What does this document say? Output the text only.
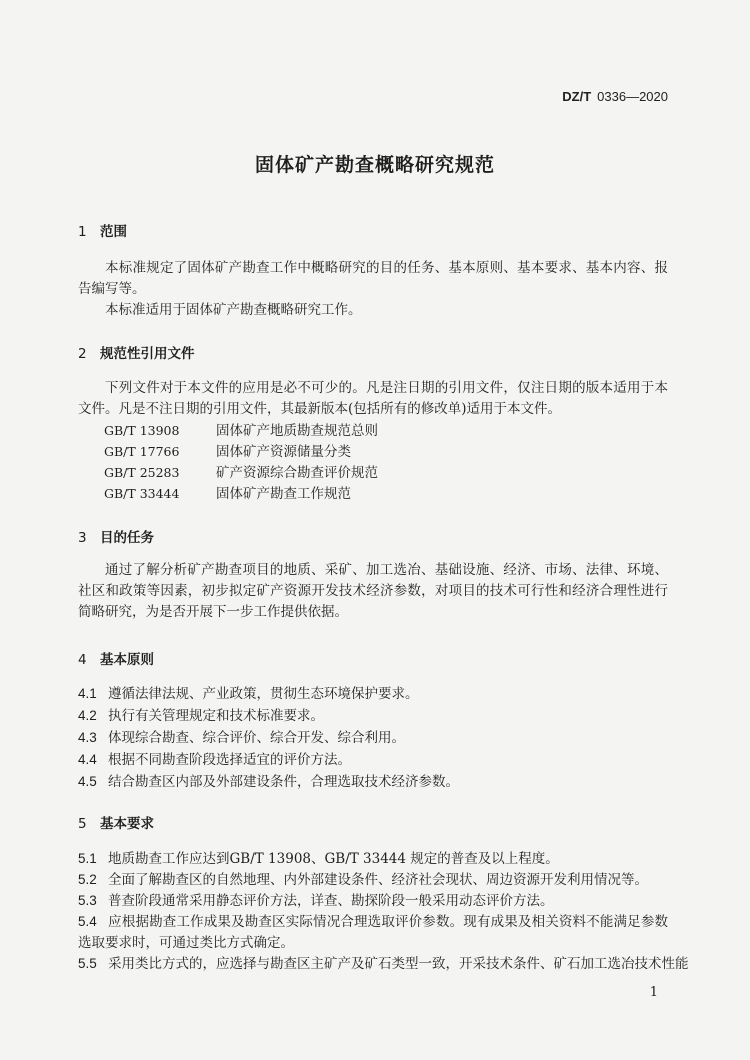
DZ/T 0336—2020
固体矿产勘查概略研究规范
1 范围
本标准规定了固体矿产勘查工作中概略研究的目的任务、基本原则、基本要求、基本内容、报告编写等。
本标准适用于固体矿产勘查概略研究工作。
2 规范性引用文件
下列文件对于本文件的应用是必不可少的。凡是注日期的引用文件，仅注日期的版本适用于本文件。凡是不注日期的引用文件，其最新版本(包括所有的修改单)适用于本文件。
GB/T 13908	固体矿产地质勘查规范总则
GB/T 17766	固体矿产资源储量分类
GB/T 25283	矿产资源综合勘查评价规范
GB/T 33444	固体矿产勘查工作规范
3 目的任务
通过了解分析矿产勘查项目的地质、采矿、加工选冶、基础设施、经济、市场、法律、环境、社区和政策等因素，初步拟定矿产资源开发技术经济参数，对项目的技术可行性和经济合理性进行简略研究，为是否开展下一步工作提供依据。
4 基本原则
4.1 遵循法律法规、产业政策，贯彻生态环境保护要求。
4.2 执行有关管理规定和技术标准要求。
4.3 体现综合勘查、综合评价、综合开发、综合利用。
4.4 根据不同勘查阶段选择适宜的评价方法。
4.5 结合勘查区内部及外部建设条件，合理选取技术经济参数。
5 基本要求
5.1 地质勘查工作应达到GB/T 13908、GB/T 33444 规定的普查及以上程度。
5.2 全面了解勘查区的自然地理、内外部建设条件、经济社会现状、周边资源开发利用情况等。
5.3 普查阶段通常采用静态评价方法，详查、勘探阶段一般采用动态评价方法。
5.4 应根据勘查工作成果及勘查区实际情况合理选取评价参数。现有成果及相关资料不能满足参数选取要求时，可通过类比方式确定。
5.5 采用类比方式的，应选择与勘查区主矿产及矿石类型一致，开采技术条件、矿石加工选冶技术性能
1
